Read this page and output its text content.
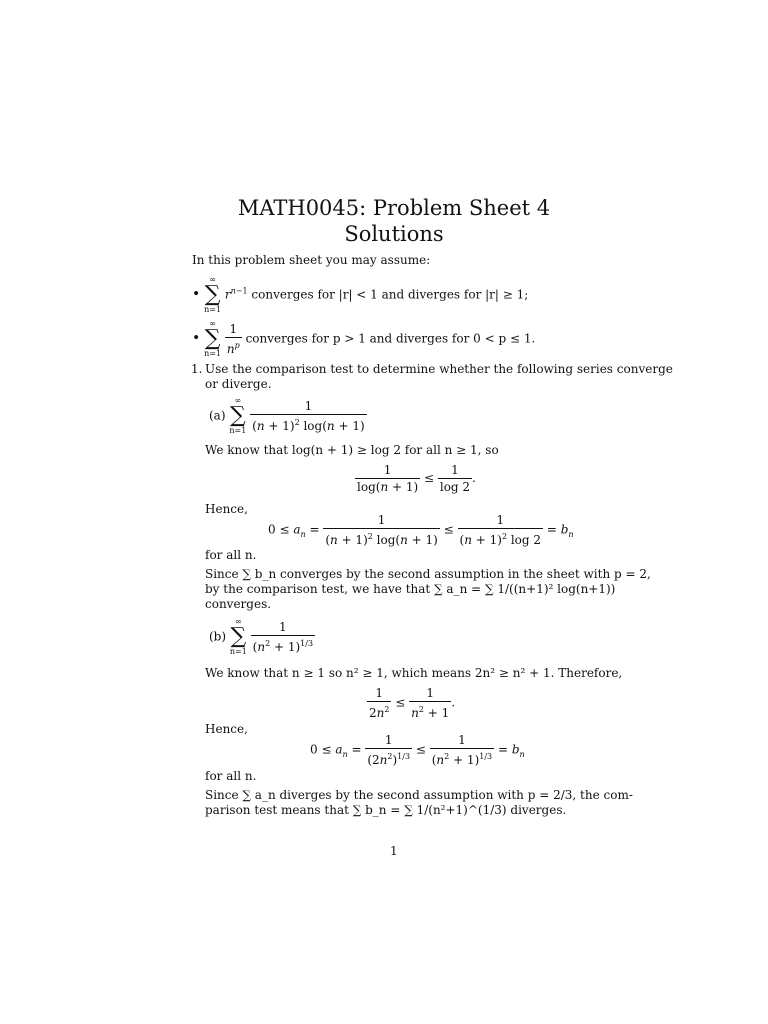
MATH0045: Problem Sheet 4
Solutions
In this problem sheet you may assume:
•
∞
∑
n=1
$r^{n-1}$ converges for |r| < 1 and diverges for |r| ≥ 1;
•
∞
∑
n=1
$\frac{1}{n^p}$ converges for p > 1 and diverges for 0 < p ≤ 1.
1. Use the comparison test to determine whether the following series converge
or diverge.
(a)
∞
∑
n=1
$\frac{1}{(n + 1)^2 \log(n + 1)}$
We know that log(n + 1) ≥ log 2 for all n ≥ 1, so
$\frac{1}{\log(n + 1)} \le \frac{1}{\log 2}$ .
Hence,
$0 \le a_n = \frac{1}{(n + 1)^2 \log(n + 1)} \le \frac{1}{(n + 1)^2 \log 2} = b_n$
for all n.
Since ∑ b_n converges by the second assumption in the sheet with p = 2,
by the comparison test, we have that ∑ a_n = ∑ 1/((n+1)² log(n+1))
converges.
(b)
∞
∑
n=1
$\frac{1}{(n^2 + 1)^{1/3}}$
We know that n ≥ 1 so n² ≥ 1, which means 2n² ≥ n² + 1. Therefore,
$\frac{1}{2n^2} \le \frac{1}{n^2 + 1}$ .
Hence,
$0 \le a_n = \frac{1}{(2n^2)^{1/3}} \le \frac{1}{(n^2 + 1)^{1/3}} = b_n$
for all n.
Since ∑ a_n diverges by the second assumption with p = 2/3, the com-
parison test means that ∑ b_n = ∑ 1/(n²+1)^(1/3) diverges.
1
